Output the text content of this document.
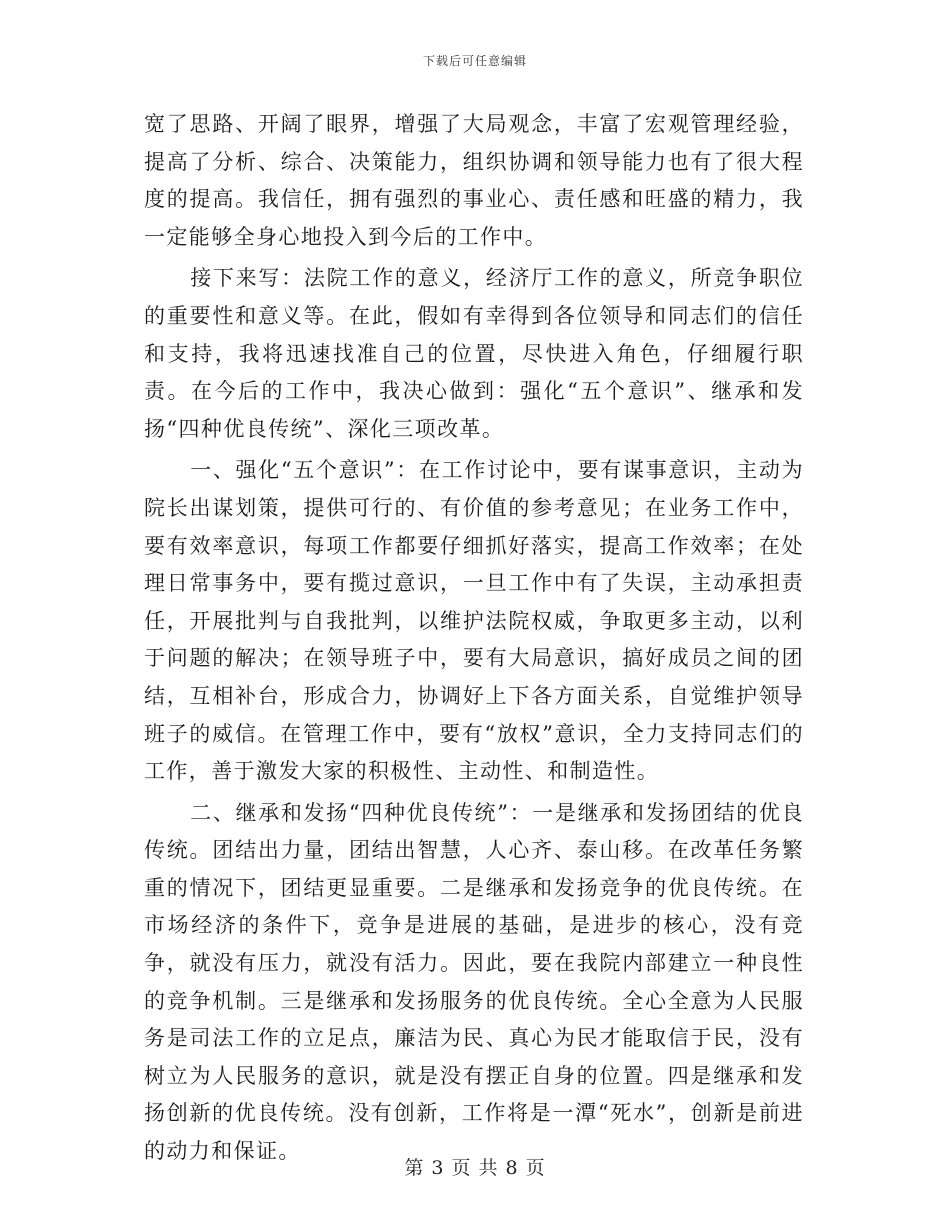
下载后可任意编辑

宽了思路、开阔了眼界，增强了大局观念，丰富了宏观管理经验，提高了分析、综合、决策能力，组织协调和领导能力也有了很大程度的提高。我信任，拥有强烈的事业心、责任感和旺盛的精力，我一定能够全身心地投入到今后的工作中。

接下来写：法院工作的意义，经济厅工作的意义，所竞争职位的重要性和意义等。在此，假如有幸得到各位领导和同志们的信任和支持，我将迅速找准自己的位置，尽快进入角色，仔细履行职责。在今后的工作中，我决心做到：强化“五个意识”、继承和发扬“四种优良传统”、深化三项改革。

一、强化“五个意识”：在工作讨论中，要有谋事意识，主动为院长出谋划策，提供可行的、有价值的参考意见；在业务工作中，要有效率意识，每项工作都要仔细抓好落实，提高工作效率；在处理日常事务中，要有揽过意识，一旦工作中有了失误，主动承担责任，开展批判与自我批判，以维护法院权威，争取更多主动，以利于问题的解决；在领导班子中，要有大局意识，搞好成员之间的团结，互相补台，形成合力，协调好上下各方面关系，自觉维护领导班子的威信。在管理工作中，要有“放权”意识，全力支持同志们的工作，善于激发大家的积极性、主动性、和制造性。

二、继承和发扬“四种优良传统”：一是继承和发扬团结的优良传统。团结出力量，团结出智慧，人心齐、泰山移。在改革任务繁重的情况下，团结更显重要。二是继承和发扬竞争的优良传统。在市场经济的条件下，竞争是进展的基础，是进步的核心，没有竞争，就没有压力，就没有活力。因此，要在我院内部建立一种良性的竞争机制。三是继承和发扬服务的优良传统。全心全意为人民服务是司法工作的立足点，廉洁为民、真心为民才能取信于民，没有树立为人民服务的意识，就是没有摆正自身的位置。四是继承和发扬创新的优良传统。没有创新，工作将是一潭“死水”，创新是前进的动力和保证。

第 3 页 共 8 页
